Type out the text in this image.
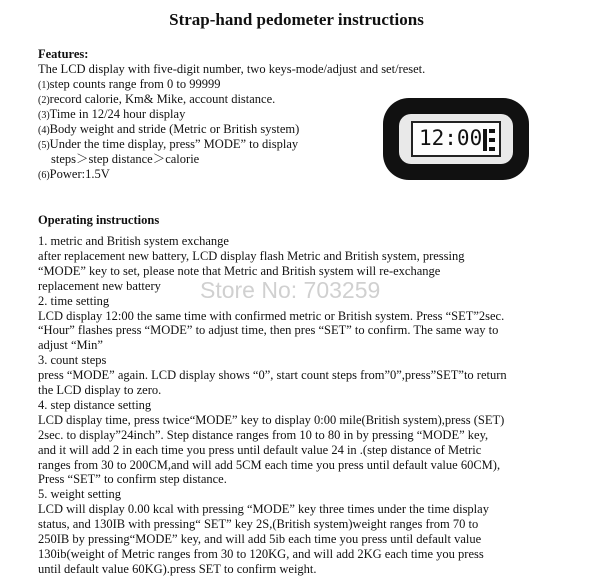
Strap-hand pedometer instructions
Features:
The LCD display with five-digit number, two keys-mode/adjust and set/reset.
(1)step counts range from 0 to 99999
(2)record calorie, Km& Mike, account distance.
(3)Time in 12/24 hour display
(4)Body weight and stride (Metric or British system)
(5)Under the time display, press” MODE” to display
steps＞step distance＞calorie
(6)Power:1.5V
12:00
Operating instructions
1. metric and British system exchange
after replacement new battery, LCD display flash Metric and British system, pressing
“MODE” key to set, please note that Metric and British system will re-exchange
replacement new battery
2. time setting
LCD display 12:00 the same time with confirmed metric or British system. Press “SET”2sec.
“Hour” flashes press “MODE” to adjust time, then pres “SET” to confirm. The same way to
adjust “Min”
3. count steps
press “MODE” again. LCD display shows “0”, start count steps from”0”,press”SET”to return
the LCD display to zero.
4. step distance setting
LCD display time, press twice“MODE” key to display 0:00 mile(British system),press (SET)
2sec. to display”24inch”. Step distance ranges from 10 to 80 in by pressing “MODE” key,
and it will add 2 in each time you press until default value 24 in .(step distance of Metric
ranges from 30 to 200CM,and will add 5CM each time you press until default value 60CM),
Press “SET” to confirm step distance.
5. weight setting
LCD will display 0.00 kcal with pressing “MODE” key three times under the time display
status, and 130IB with pressing“ SET” key 2S,(British system)weight ranges from 70 to
250IB by pressing“MODE” key, and will add 5ib each time you press until default value
130ib(weight of Metric ranges from 30 to 120KG, and will add 2KG each time you press
until default value 60KG).press SET to confirm weight.
Store No: 703259
